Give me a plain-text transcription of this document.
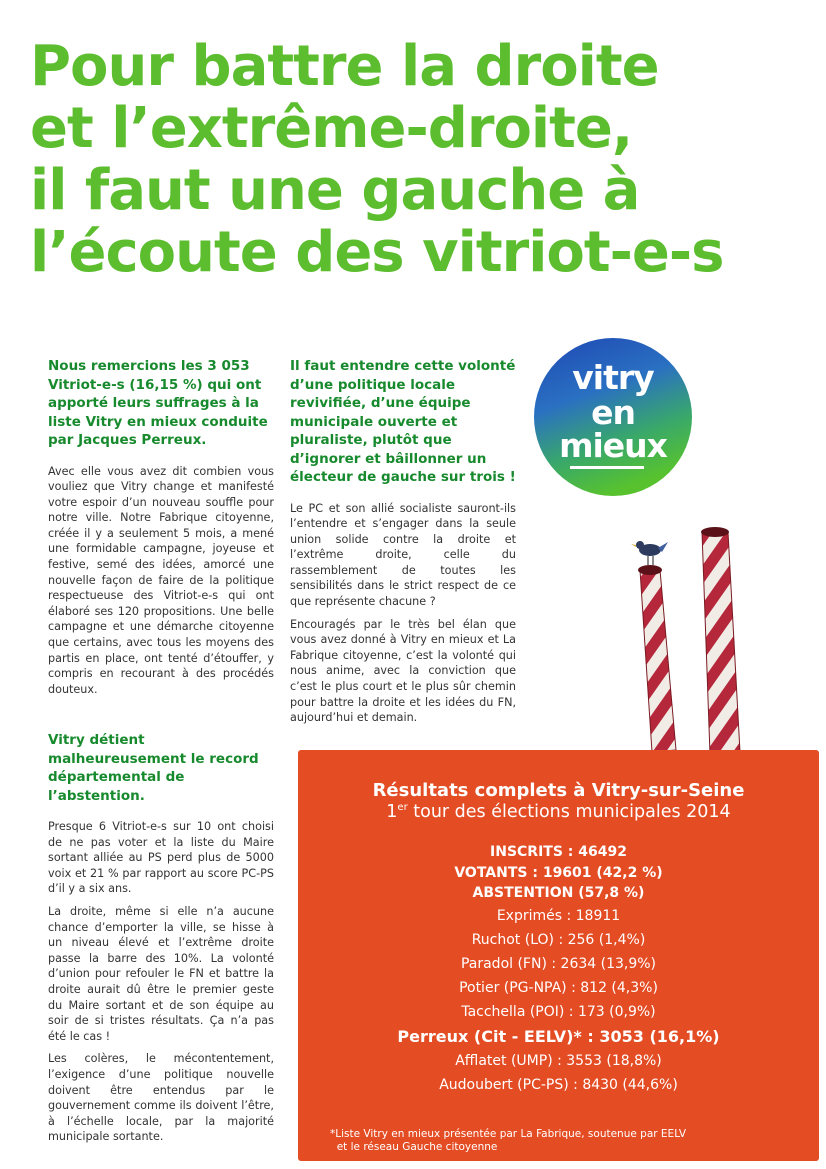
Pour battre la droite
et l’extrême-droite,
il faut une gauche à
l’écoute des vitriot-e-s

Nous remercions les 3 053 Vitriot-e-s (16,15 %) qui ont apporté leurs suffrages à la liste Vitry en mieux conduite par Jacques Perreux.

Avec elle vous avez dit combien vous vouliez que Vitry change et manifesté votre espoir d’un nouveau souffle pour notre ville. Notre Fabrique citoyenne, créée il y a seulement 5 mois, a mené une formidable campagne, joyeuse et festive, semé des idées, amorcé une nouvelle façon de faire de la politique respectueuse des Vitriot-e-s qui ont élaboré ses 120 propositions. Une belle campagne et une démarche citoyenne que certains, avec tous les moyens des partis en place, ont tenté d’étouffer, y compris en recourant à des procédés douteux.

Vitry détient malheureusement le record départemental de l’abstention.

Presque 6 Vitriot-e-s sur 10 ont choisi de ne pas voter et la liste du Maire sortant alliée au PS perd plus de 5000 voix et 21 % par rapport au score PC-PS d’il y a six ans.

La droite, même si elle n’a aucune chance d’emporter la ville, se hisse à un niveau élevé et l’extrême droite passe la barre des 10%. La volonté d’union pour refouler le FN et battre la droite aurait dû être le premier geste du Maire sortant et de son équipe au soir de si tristes résultats. Ça n’a pas été le cas !

Les colères, le mécontentement, l’exigence d’une politique nouvelle doivent être entendus par le gouvernement comme ils doivent l’être, à l’échelle locale, par la majorité municipale sortante.

Il faut entendre cette volonté d’une politique locale revivifiée, d’une équipe municipale ouverte et pluraliste, plutôt que d’ignorer et bâillonner un électeur de gauche sur trois !

Le PC et son allié socialiste sauront-ils l’entendre et s’engager dans la seule union solide contre la droite et l’extrême droite, celle du rassemblement de toutes les sensibilités dans le strict respect de ce que représente chacune ?

Encouragés par le très bel élan que vous avez donné à Vitry en mieux et La Fabrique citoyenne, c’est la volonté qui nous anime, avec la conviction que c’est le plus court et le plus sûr chemin pour battre la droite et les idées du FN, aujourd’hui et demain.

vitry
en
mieux

Résultats complets à Vitry-sur-Seine

1er tour des élections municipales 2014

INSCRITS : 46492

VOTANTS : 19601 (42,2 %)

ABSTENTION (57,8 %)

Exprimés : 18911

Ruchot (LO) : 256 (1,4%)

Paradol (FN) : 2634 (13,9%)

Potier (PG-NPA) : 812 (4,3%)

Tacchella (POI) : 173 (0,9%)

Perreux (Cit - EELV)* : 3053 (16,1%)

Afflatet (UMP) : 3553 (18,8%)

Audoubert (PC-PS) : 8430 (44,6%)

*Liste Vitry en mieux présentée par La Fabrique, soutenue par EELV
et le réseau Gauche citoyenne
